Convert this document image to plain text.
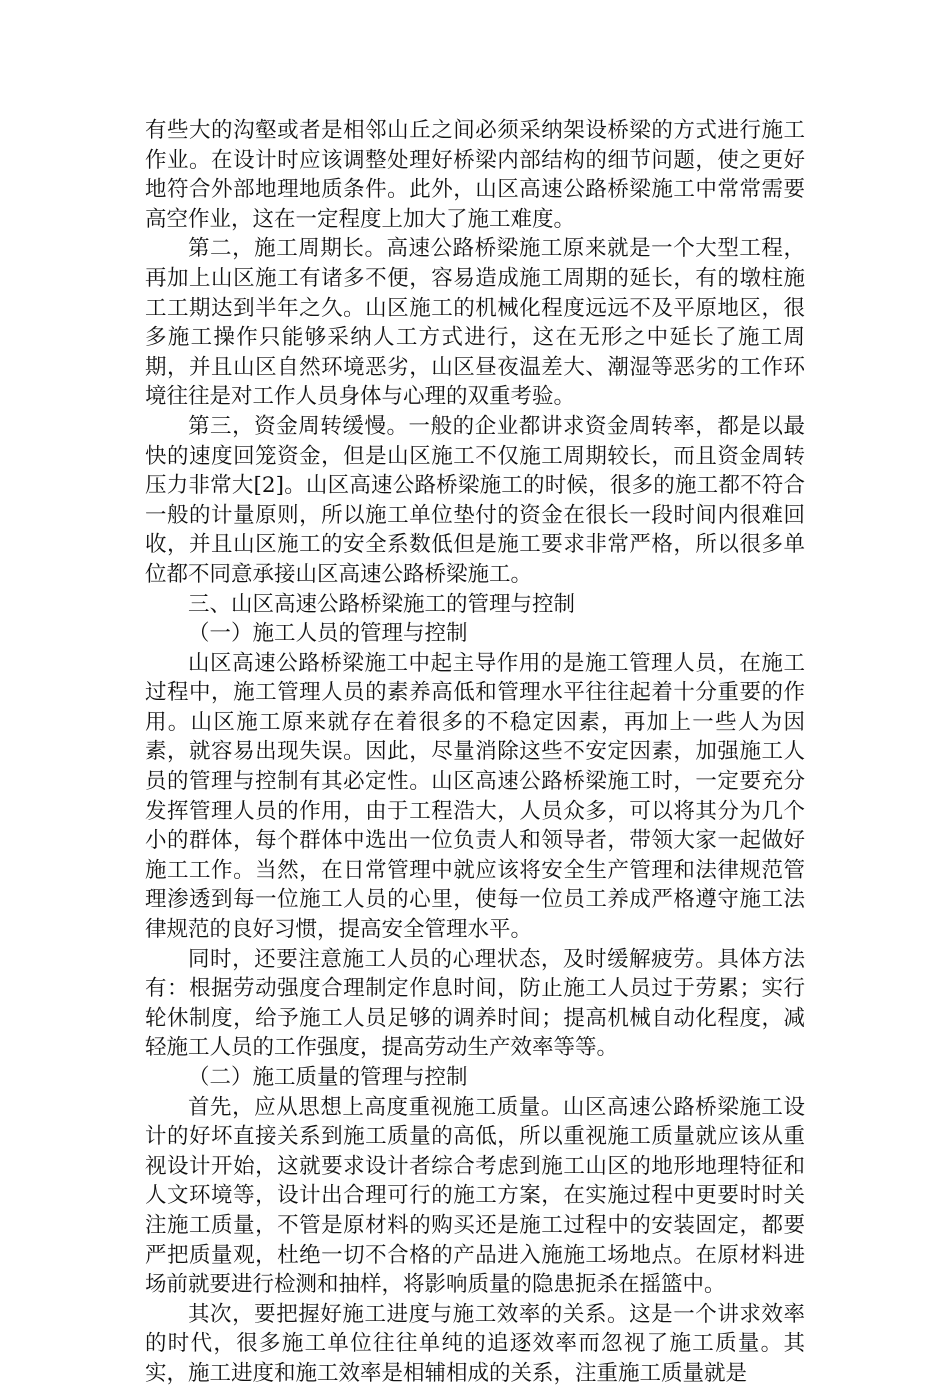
有些大的沟壑或者是相邻山丘之间必须采纳架设桥梁的方式进行施工作业。在设计时应该调整处理好桥梁内部结构的细节问题，使之更好地符合外部地理地质条件。此外，山区高速公路桥梁施工中常常需要高空作业，这在一定程度上加大了施工难度。

第二，施工周期长。高速公路桥梁施工原来就是一个大型工程，再加上山区施工有诸多不便，容易造成施工周期的延长，有的墩柱施工工期达到半年之久。山区施工的机械化程度远远不及平原地区，很多施工操作只能够采纳人工方式进行，这在无形之中延长了施工周期，并且山区自然环境恶劣，山区昼夜温差大、潮湿等恶劣的工作环境往往是对工作人员身体与心理的双重考验。

第三，资金周转缓慢。一般的企业都讲求资金周转率，都是以最快的速度回笼资金，但是山区施工不仅施工周期较长，而且资金周转压力非常大[2]。山区高速公路桥梁施工的时候，很多的施工都不符合一般的计量原则，所以施工单位垫付的资金在很长一段时间内很难回收，并且山区施工的安全系数低但是施工要求非常严格，所以很多单位都不同意承接山区高速公路桥梁施工。

三、山区高速公路桥梁施工的管理与控制

（一）施工人员的管理与控制

山区高速公路桥梁施工中起主导作用的是施工管理人员，在施工过程中，施工管理人员的素养高低和管理水平往往起着十分重要的作用。山区施工原来就存在着很多的不稳定因素，再加上一些人为因素，就容易出现失误。因此，尽量消除这些不安定因素，加强施工人员的管理与控制有其必定性。山区高速公路桥梁施工时，一定要充分发挥管理人员的作用，由于工程浩大，人员众多，可以将其分为几个小的群体，每个群体中选出一位负责人和领导者，带领大家一起做好施工工作。当然，在日常管理中就应该将安全生产管理和法律规范管理渗透到每一位施工人员的心里，使每一位员工养成严格遵守施工法律规范的良好习惯，提高安全管理水平。

同时，还要注意施工人员的心理状态，及时缓解疲劳。具体方法有：根据劳动强度合理制定作息时间，防止施工人员过于劳累；实行轮休制度，给予施工人员足够的调养时间；提高机械自动化程度，减轻施工人员的工作强度，提高劳动生产效率等等。

（二）施工质量的管理与控制

首先，应从思想上高度重视施工质量。山区高速公路桥梁施工设计的好坏直接关系到施工质量的高低，所以重视施工质量就应该从重视设计开始，这就要求设计者综合考虑到施工山区的地形地理特征和人文环境等，设计出合理可行的施工方案，在实施过程中更要时时关注施工质量，不管是原材料的购买还是施工过程中的安装固定，都要严把质量观，杜绝一切不合格的产品进入施施工场地点。在原材料进场前就要进行检测和抽样，将影响质量的隐患扼杀在摇篮中。

其次，要把握好施工进度与施工效率的关系。这是一个讲求效率的时代，很多施工单位往往单纯的追逐效率而忽视了施工质量。其实，施工进度和施工效率是相辅相成的关系，注重施工质量就是
